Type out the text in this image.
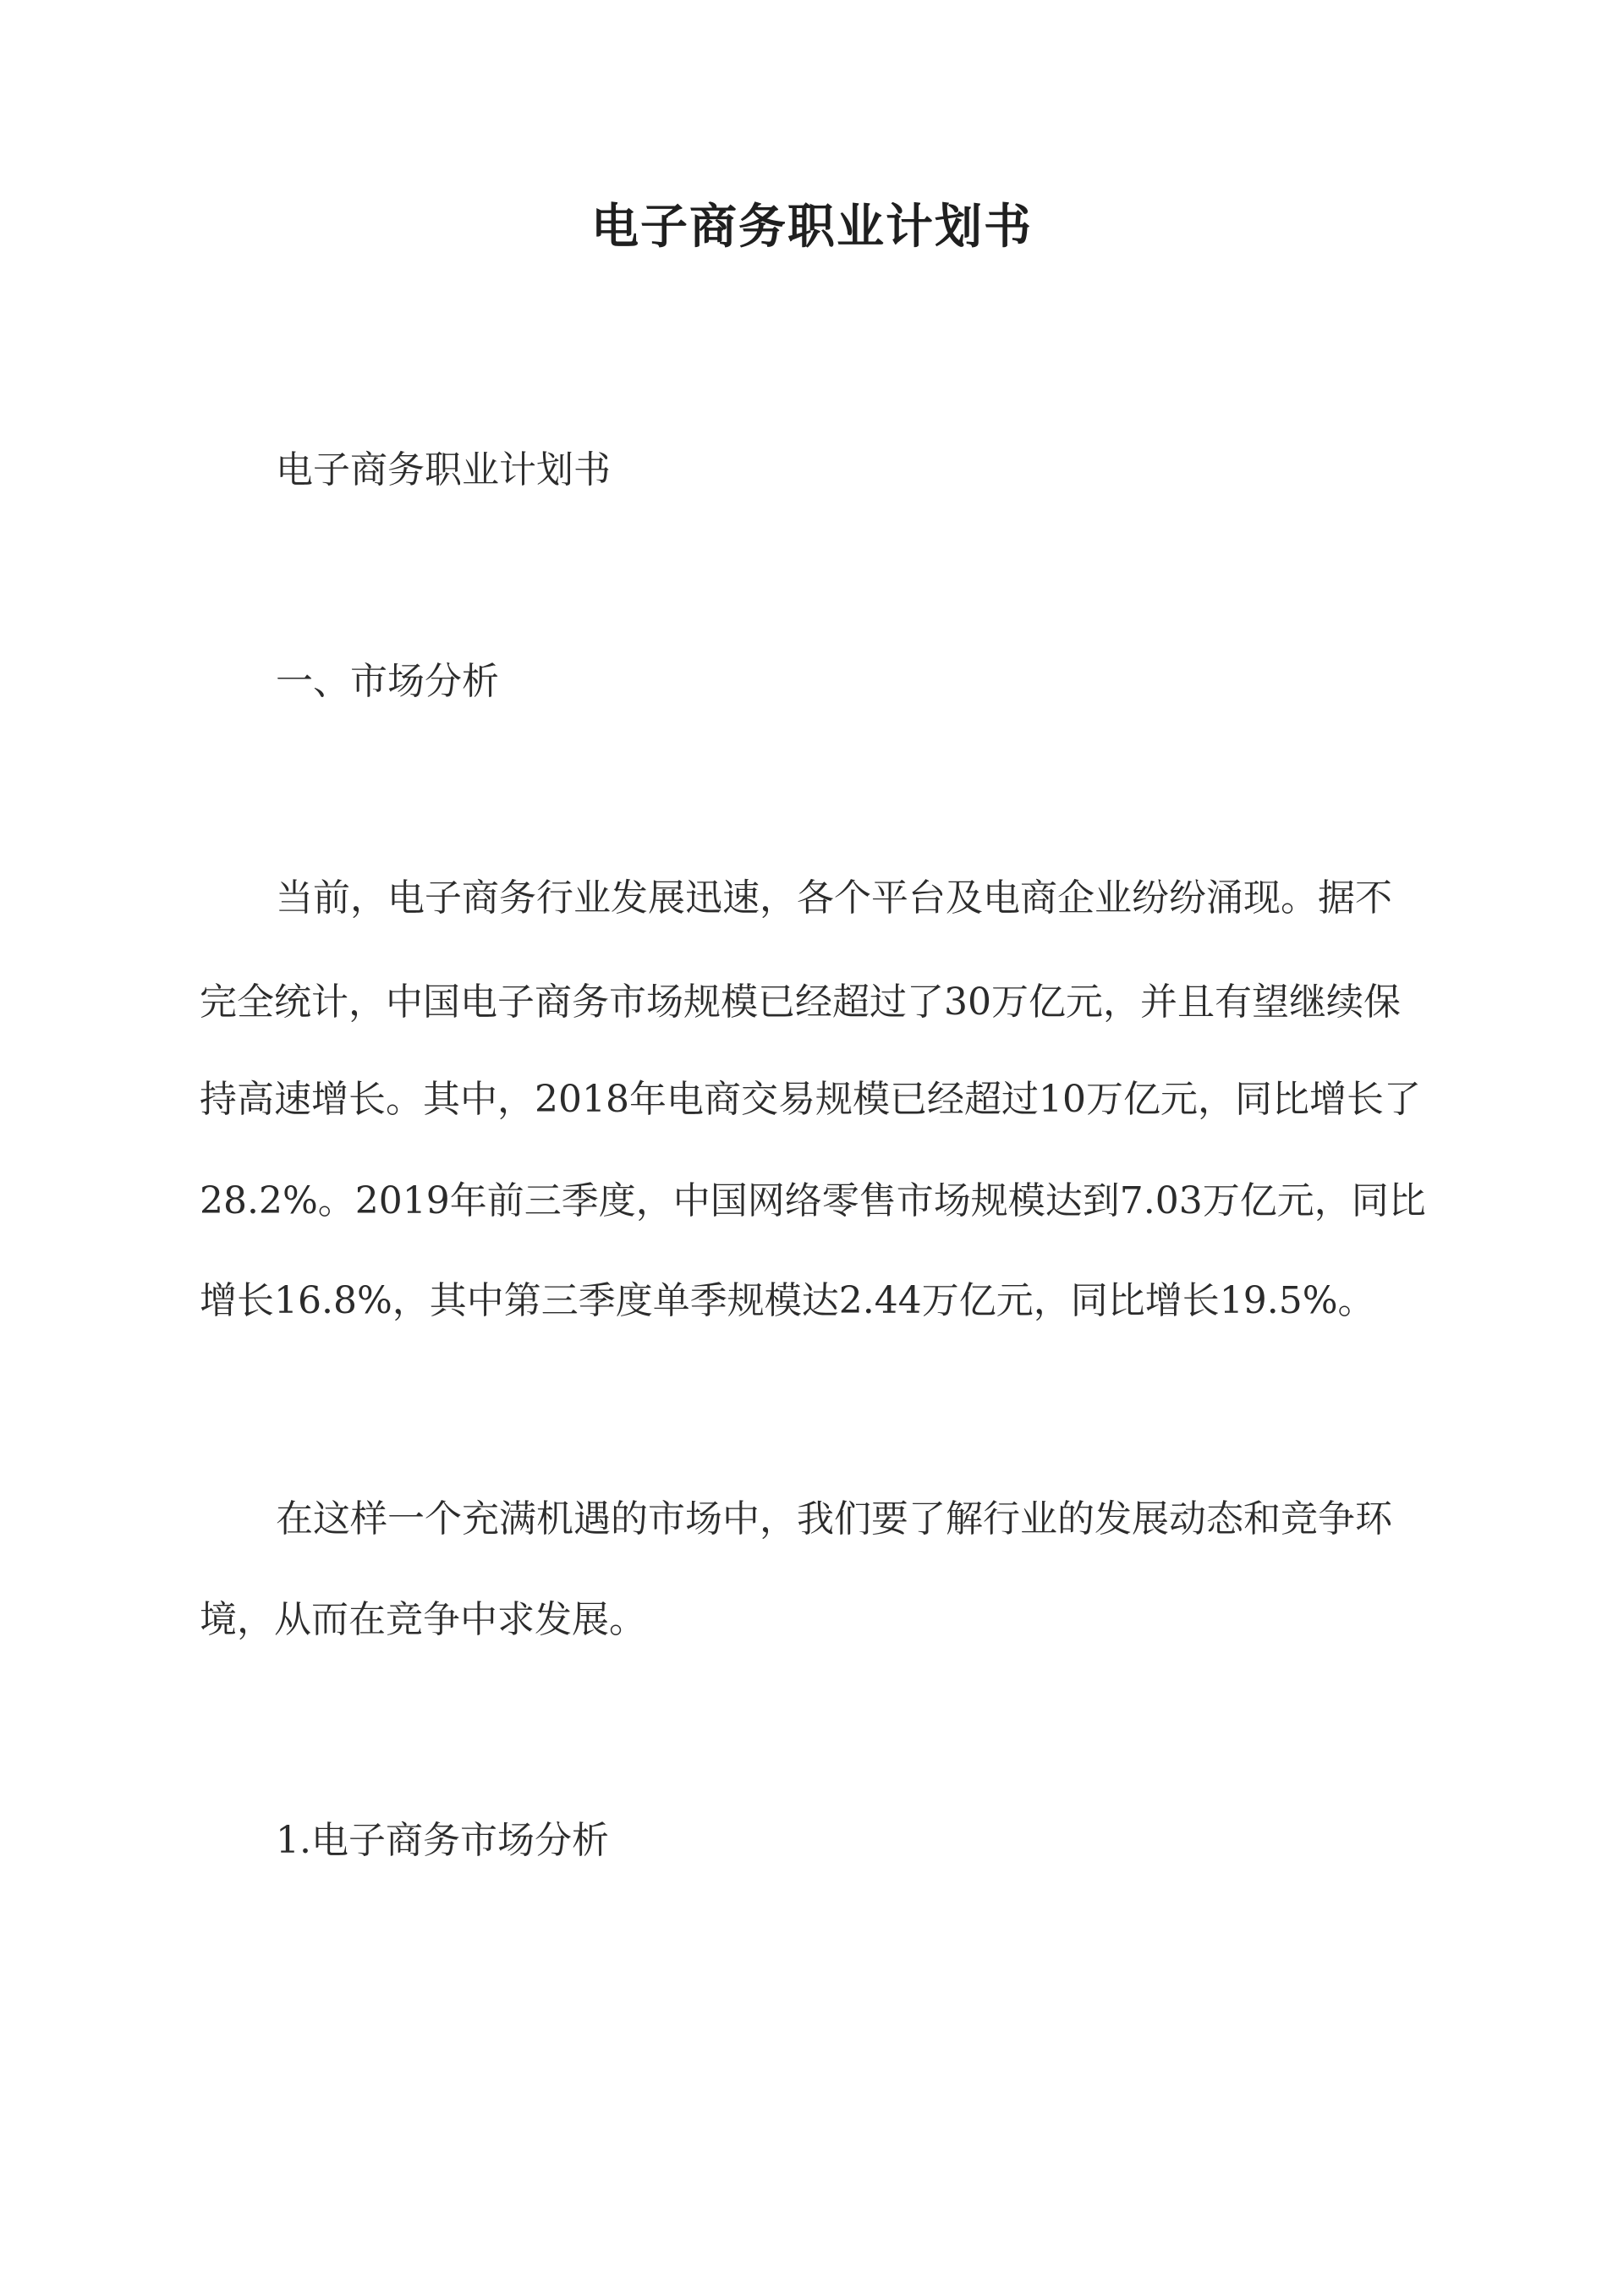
电子商务职业计划书
电子商务职业计划书
一、市场分析
当前，电子商务行业发展迅速，各个平台及电商企业纷纷涌现。据不
完全统计，中国电子商务市场规模已经超过了30万亿元，并且有望继续保
持高速增长。其中，2018年电商交易规模已经超过10万亿元，同比增长了
28.2%。2019年前三季度，中国网络零售市场规模达到7.03万亿元，同比
增长16.8%，其中第三季度单季规模达2.44万亿元，同比增长19.5%。
在这样一个充满机遇的市场中，我们要了解行业的发展动态和竞争环
境，从而在竞争中求发展。
1.电子商务市场分析
